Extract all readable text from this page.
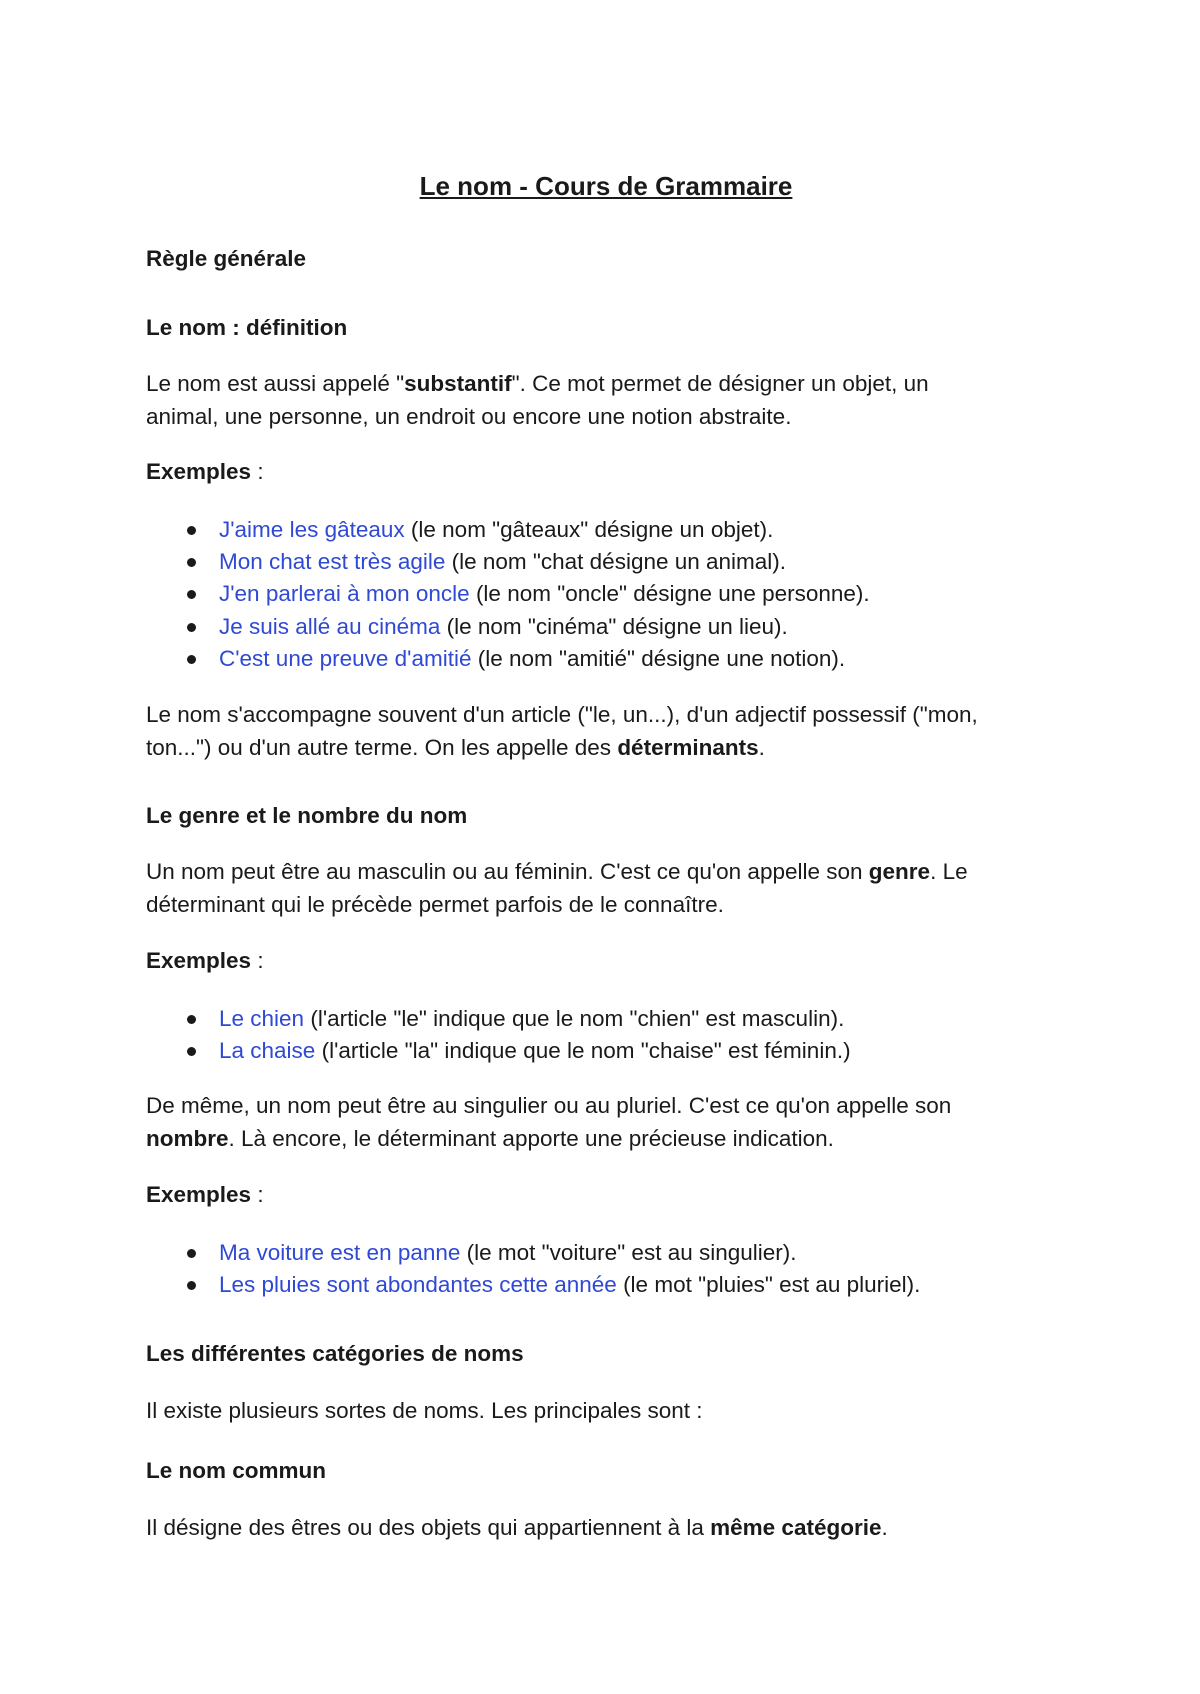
Le nom - Cours de Grammaire
Règle générale
Le nom : définition
Le nom est aussi appelé "substantif". Ce mot permet de désigner un objet, un
animal, une personne, un endroit ou encore une notion abstraite.
Exemples :
J'aime les gâteaux (le nom "gâteaux" désigne un objet).
Mon chat est très agile (le nom "chat désigne un animal).
J'en parlerai à mon oncle (le nom "oncle" désigne une personne).
Je suis allé au cinéma (le nom "cinéma" désigne un lieu).
C'est une preuve d'amitié (le nom "amitié" désigne une notion).
Le nom s'accompagne souvent d'un article ("le, un...), d'un adjectif possessif ("mon,
ton...") ou d'un autre terme. On les appelle des déterminants.
Le genre et le nombre du nom
Un nom peut être au masculin ou au féminin. C'est ce qu'on appelle son genre. Le
déterminant qui le précède permet parfois de le connaître.
Exemples :
Le chien (l'article "le" indique que le nom "chien" est masculin).
La chaise (l'article "la" indique que le nom "chaise" est féminin.)
De même, un nom peut être au singulier ou au pluriel. C'est ce qu'on appelle son
nombre. Là encore, le déterminant apporte une précieuse indication.
Exemples :
Ma voiture est en panne (le mot "voiture" est au singulier).
Les pluies sont abondantes cette année (le mot "pluies" est au pluriel).
Les différentes catégories de noms
Il existe plusieurs sortes de noms. Les principales sont :
Le nom commun
Il désigne des êtres ou des objets qui appartiennent à la même catégorie.
